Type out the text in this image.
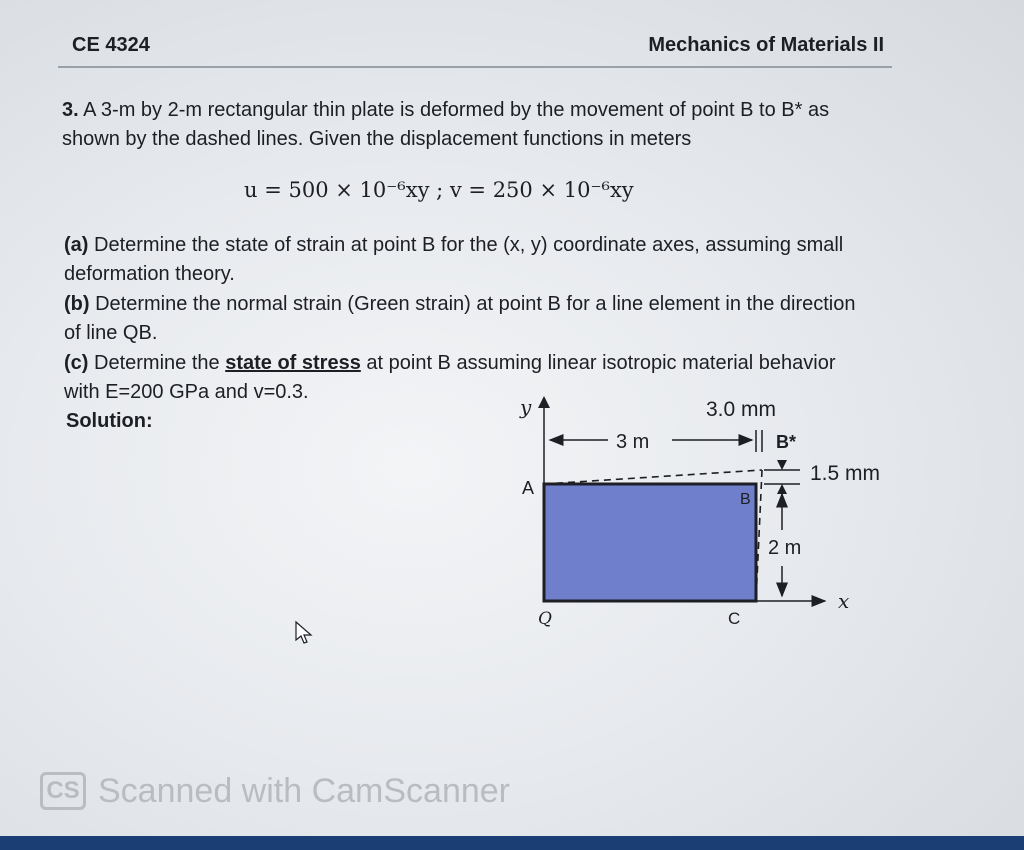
CE 4324	Mechanics of Materials II
3. A 3-m by 2-m rectangular thin plate is deformed by the movement of point B to B* as shown by the dashed lines. Given the displacement functions in meters
u = 500 × 10⁻⁶xy ; v = 250 × 10⁻⁶xy
(a) Determine the state of strain at point B for the (x, y) coordinate axes, assuming small deformation theory.
(b) Determine the normal strain (Green strain) at point B for a line element in the direction of line QB.
(c) Determine the state of stress at point B assuming linear isotropic material behavior with E=200 GPa and v=0.3.
Solution:
y
x
3 m
3.0 mm
B*
1.5 mm
2 m
A
B
C
Q
CS Scanned with CamScanner
